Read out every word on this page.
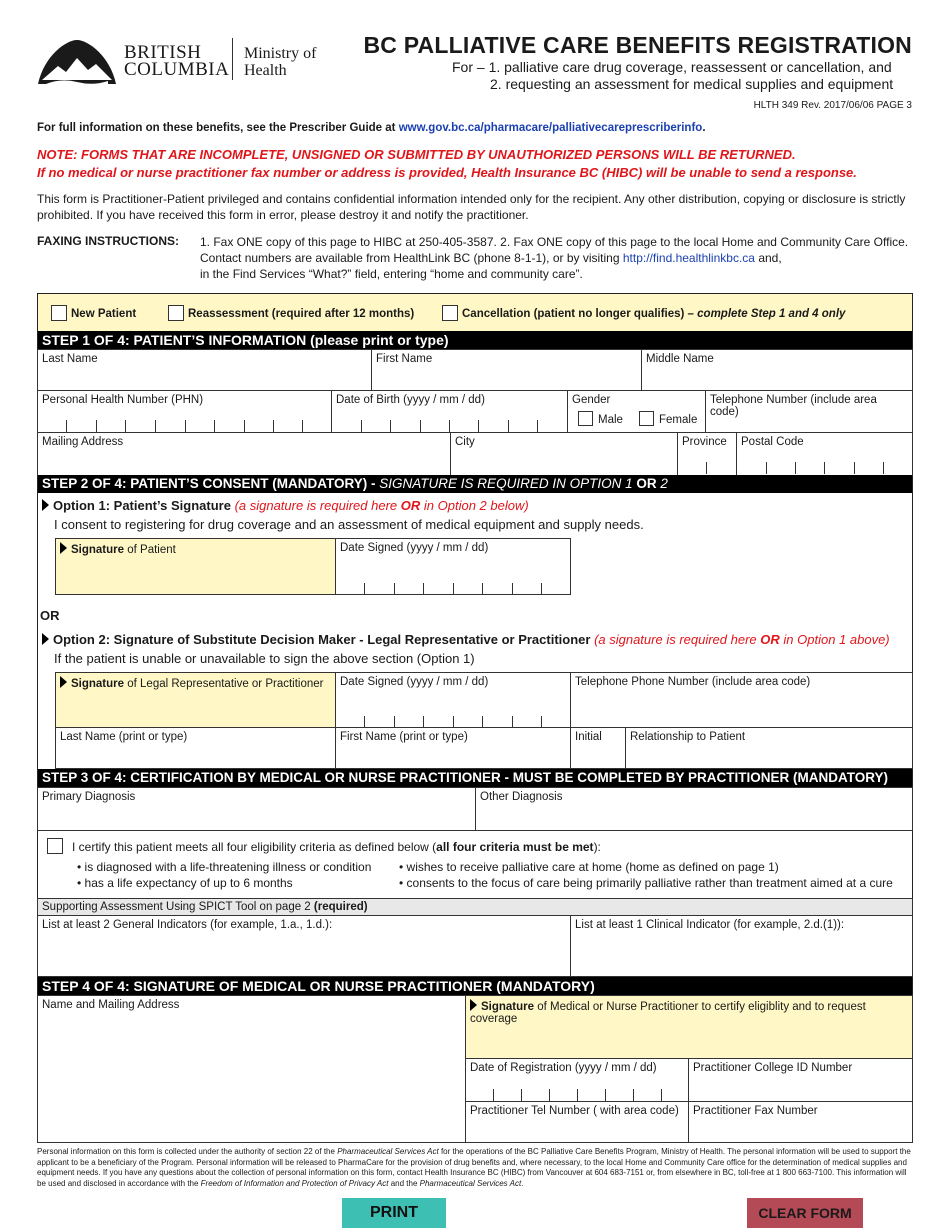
BRITISH
COLUMBIA
Ministry of
Health
BC PALLIATIVE CARE BENEFITS REGISTRATION
For – 1. palliative care drug coverage, reassessent or cancellation, and
2. requesting an assessment for medical supplies and equipment
HLTH 349 Rev. 2017/06/06 PAGE 3
For full information on these benefits, see the Prescriber Guide at www.gov.bc.ca/pharmacare/palliativecareprescriberinfo.
NOTE: FORMS THAT ARE INCOMPLETE, UNSIGNED OR SUBMITTED BY UNAUTHORIZED PERSONS WILL BE RETURNED.
If no medical or nurse practitioner fax number or address is provided, Health Insurance BC (HIBC) will be unable to send a response.
This form is Practitioner-Patient privileged and contains confidential information intended only for the recipient. Any other distribution, copying or disclosure is strictly prohibited. If you have received this form in error, please destroy it and notify the practitioner.
FAXING INSTRUCTIONS: 1. Fax ONE copy of this page to HIBC at 250-405-3587. 2. Fax ONE copy of this page to the local Home and Community Care Office.
Contact numbers are available from HealthLink BC (phone 8-1-1), or by visiting http://find.healthlinkbc.ca and,
in the Find Services “What?” field, entering “home and community care”.
New Patient	Reassessment (required after 12 months)	Cancellation (patient no longer qualifies) – complete Step 1 and 4 only
STEP 1 OF 4: PATIENT’S INFORMATION (please print or type)
Last Name	First Name	Middle Name
Personal Health Number (PHN)	Date of Birth (yyyy / mm / dd)	Gender
Male	Female
Telephone Number (include area code)
Mailing Address	City	Province	Postal Code
STEP 2 OF 4: PATIENT’S CONSENT (MANDATORY) - SIGNATURE IS REQUIRED IN OPTION 1 OR 2
Option 1: Patient’s Signature (a signature is required here OR in Option 2 below)
I consent to registering for drug coverage and an assessment of medical equipment and supply needs.
Signature of Patient	Date Signed (yyyy / mm / dd)
OR
Option 2: Signature of Substitute Decision Maker - Legal Representative or Practitioner (a signature is required here OR in Option 1 above)
If the patient is unable or unavailable to sign the above section (Option 1)
Signature of Legal Representative or Practitioner	Date Signed (yyyy / mm / dd)	Telephone Phone Number (include area code)
Last Name (print or type)	First Name (print or type)	Initial	Relationship to Patient
STEP 3 OF 4: CERTIFICATION BY MEDICAL OR NURSE PRACTITIONER - MUST BE COMPLETED BY PRACTITIONER (MANDATORY)
Primary Diagnosis	Other Diagnosis
I certify this patient meets all four eligibility criteria as defined below (all four criteria must be met):
• is diagnosed with a life-threatening illness or condition
• has a life expectancy of up to 6 months
• wishes to receive palliative care at home (home as defined on page 1)
• consents to the focus of care being primarily palliative rather than treatment aimed at a cure
Supporting Assessment Using SPICT Tool on page 2 (required)
List at least 2 General Indicators (for example, 1.a., 1.d.):	List at least 1 Clinical Indicator (for example, 2.d.(1)):
STEP 4 OF 4: SIGNATURE OF MEDICAL OR NURSE PRACTITIONER (MANDATORY)
Name and Mailing Address	Signature of Medical or Nurse Practitioner to certify eligiblity and to request coverage
Date of Registration (yyyy / mm / dd)	Practitioner College ID Number
Practitioner Tel Number ( with area code)	Practitioner Fax Number
Personal information on this form is collected under the authority of section 22 of the Pharmaceutical Services Act for the operations of the BC Palliative Care Benefits Program, Ministry of Health. The personal information will be used to support the applicant to be a beneficiary of the Program. Personal information will be released to PharmaCare for the provision of drug benefits and, where necessary, to the local Home and Community Care office for the determination of medical supplies and equipment needs. If you have any questions about the collection of personal information on this form, contact Health Insurance BC (HIBC) from Vancouver at 604 683-7151 or, from elsewhere in BC, toll-free at 1 800 663-7100. This information will be used and disclosed in accordance with the Freedom of Information and Protection of Privacy Act and the Pharmaceutical Services Act.
PRINT	CLEAR FORM
